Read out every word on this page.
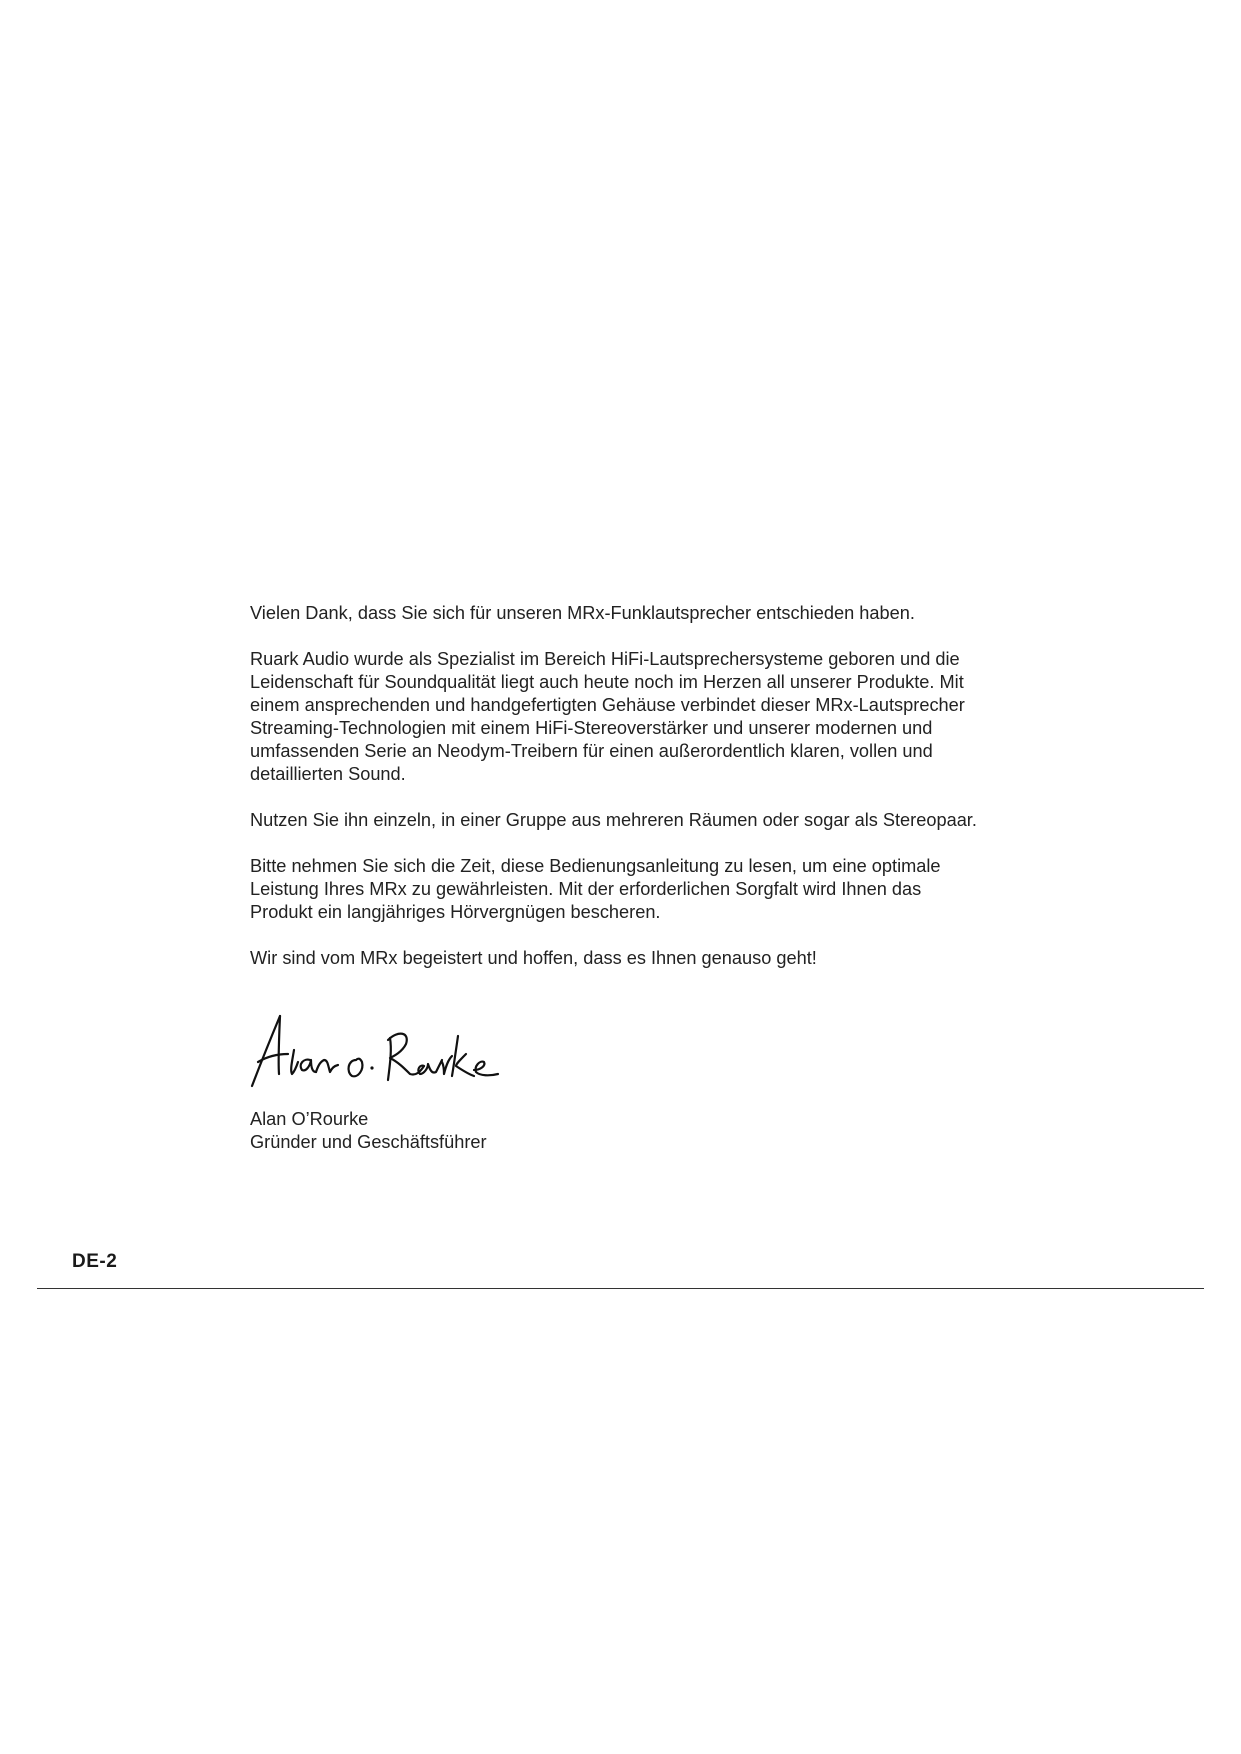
Vielen Dank, dass Sie sich für unseren MRx-Funklautsprecher entschieden haben.

Ruark Audio wurde als Spezialist im Bereich HiFi-Lautsprechersysteme geboren und die Leidenschaft für Soundqualität liegt auch heute noch im Herzen all unserer Produkte. Mit einem ansprechenden und handgefertigten Gehäuse verbindet dieser MRx-Lautsprecher Streaming-Technologien mit einem HiFi-Stereoverstärker und unserer modernen und umfassenden Serie an Neodym-Treibern für einen außerordentlich klaren, vollen und detaillierten Sound.

Nutzen Sie ihn einzeln, in einer Gruppe aus mehreren Räumen oder sogar als Stereopaar.

Bitte nehmen Sie sich die Zeit, diese Bedienungsanleitung zu lesen, um eine optimale Leistung Ihres MRx zu gewährleisten. Mit der erforderlichen Sorgfalt wird Ihnen das Produkt ein langjähriges Hörvergnügen bescheren.

Wir sind vom MRx begeistert und hoffen, dass es Ihnen genauso geht!

Alan O’Rourke
Gründer und Geschäftsführer
DE-2
